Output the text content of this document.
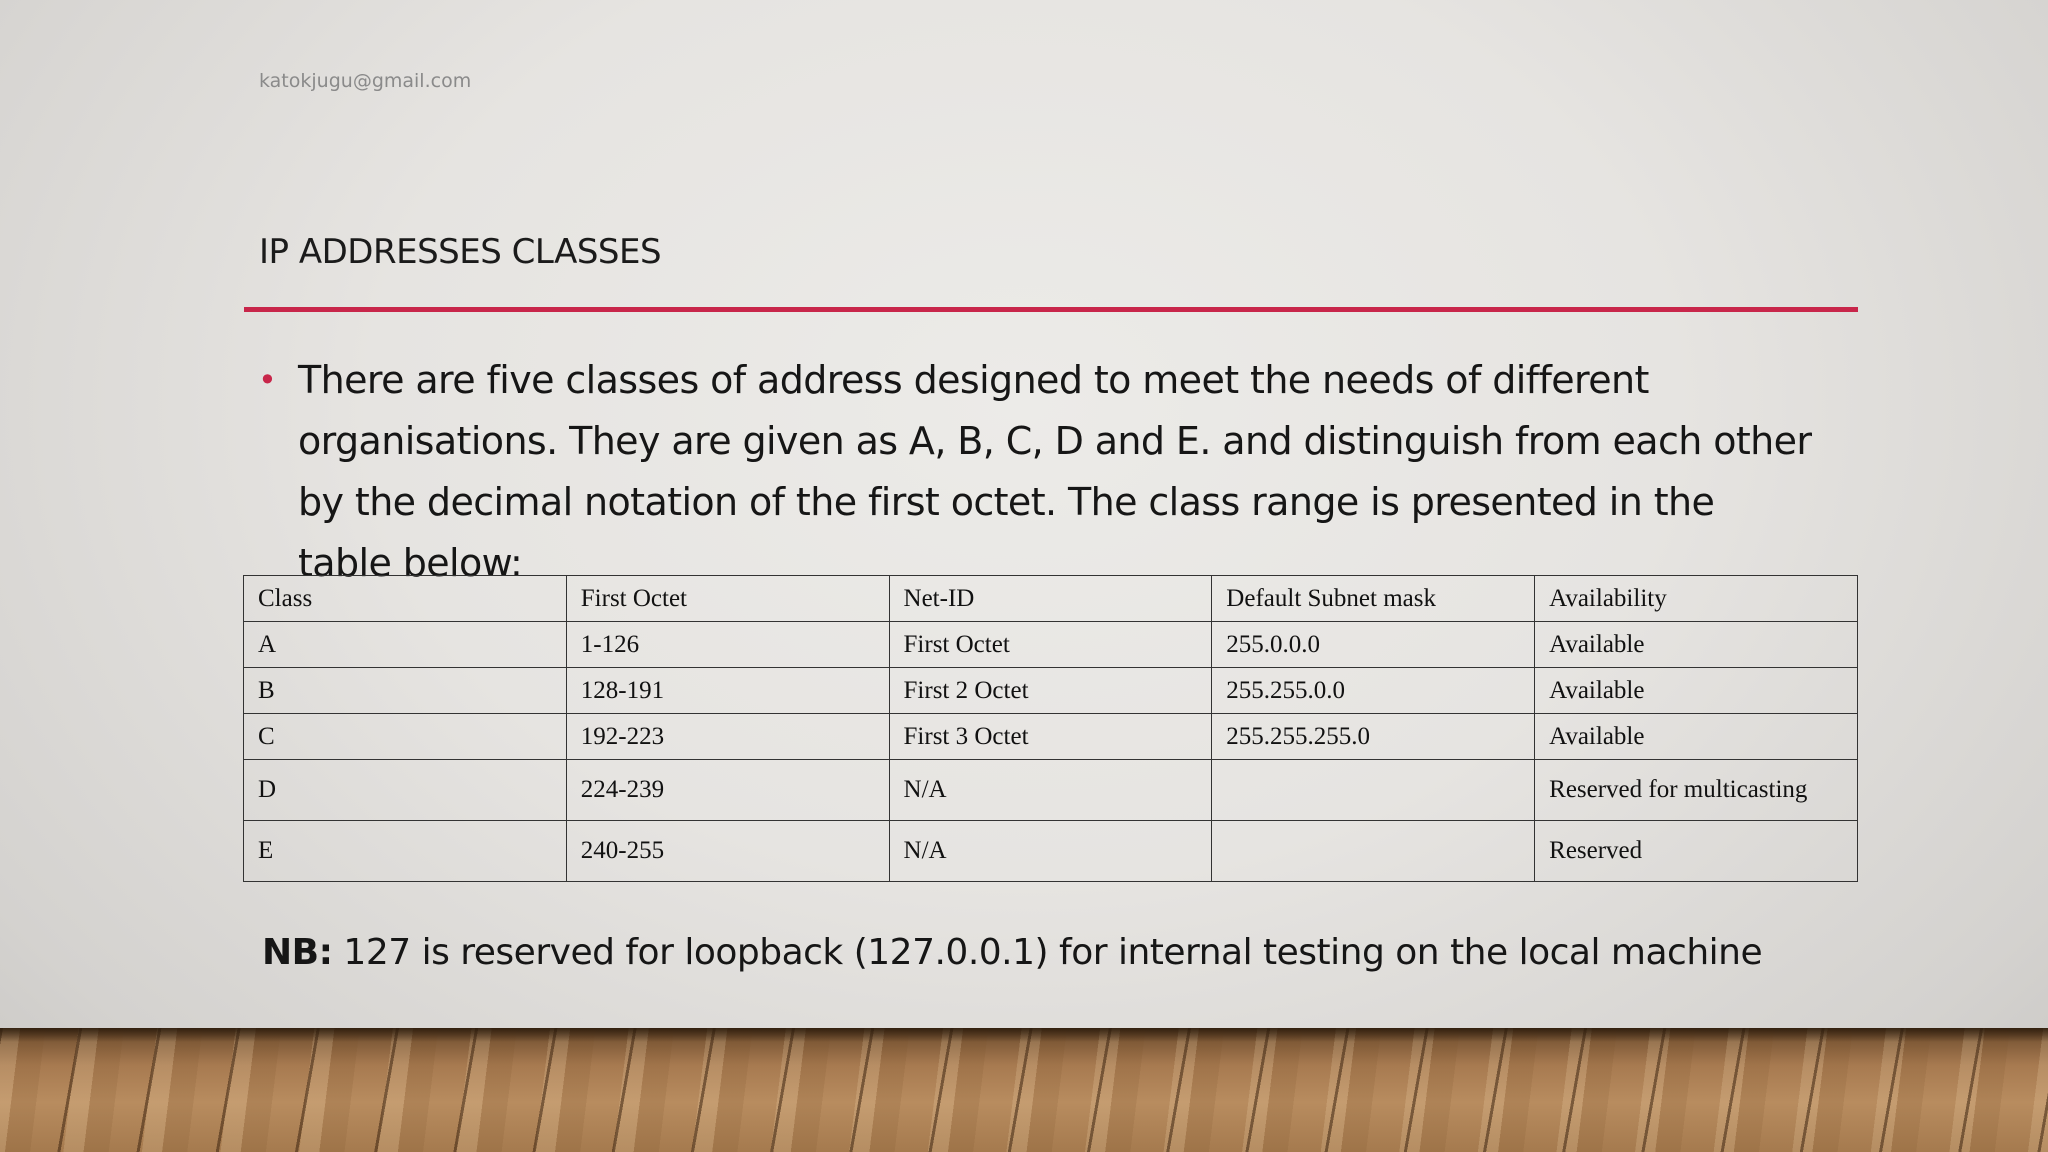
katokjugu@gmail.com
IP ADDRESSES CLASSES
• There are five classes of address designed to meet the needs of different organisations. They are given as A, B, C, D and E. and distinguish from each other by the decimal notation of the first octet. The class range is presented in the table below:
Class	First Octet	Net-ID	Default Subnet mask	Availability
A	1-126	First Octet	255.0.0.0	Available
B	128-191	First 2 Octet	255.255.0.0	Available
C	192-223	First 3 Octet	255.255.255.0	Available
D	224-239	N/A		Reserved for multicasting
E	240-255	N/A		Reserved
NB: 127 is reserved for loopback (127.0.0.1) for internal testing on the local machine
